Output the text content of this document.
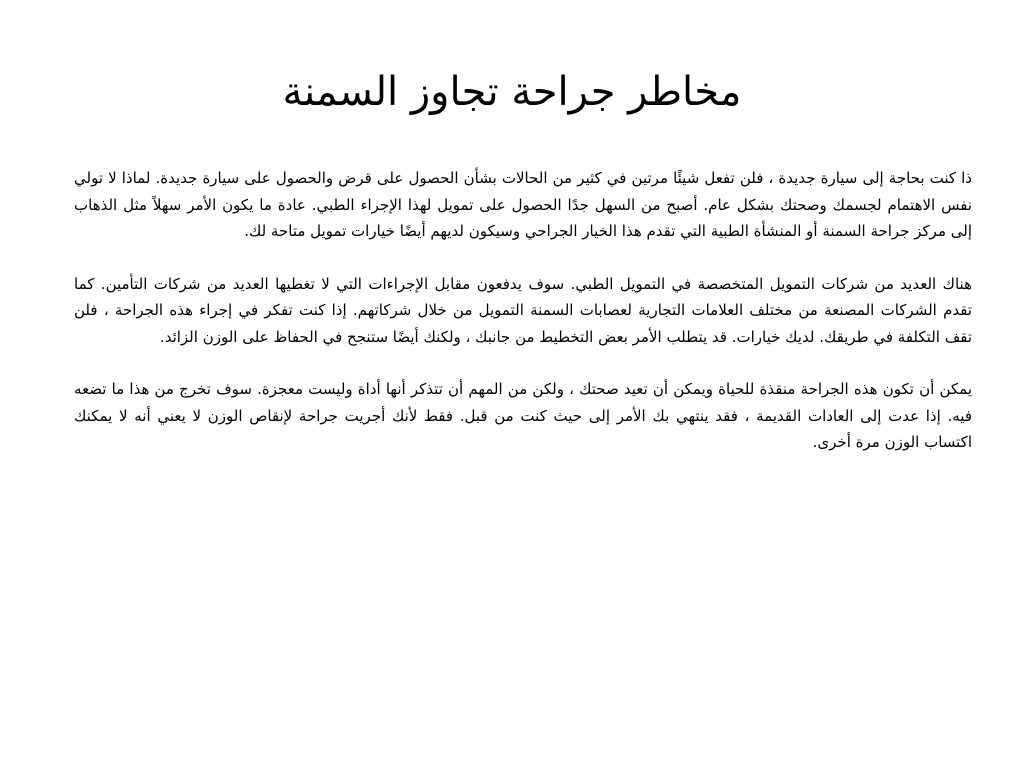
مخاطر جراحة تجاوز السمنة

ذا كنت بحاجة إلى سيارة جديدة ، فلن تفعل شيئًا مرتين في كثير من الحالات بشأن الحصول على قرض والحصول على سيارة جديدة. لماذا لا تولي نفس الاهتمام لجسمك وصحتك بشكل عام. أصبح من السهل جدًا الحصول على تمويل لهذا الإجراء الطبي. عادة ما يكون الأمر سهلاً مثل الذهاب إلى مركز جراحة السمنة أو المنشأة الطبية التي تقدم هذا الخيار الجراحي وسيكون لديهم أيضًا خيارات تمويل متاحة لك.

هناك العديد من شركات التمويل المتخصصة في التمويل الطبي. سوف يدفعون مقابل الإجراءات التي لا تغطيها العديد من شركات التأمين. كما تقدم الشركات المصنعة من مختلف العلامات التجارية لعصابات السمنة التمويل من خلال شركاتهم. إذا كنت تفكر في إجراء هذه الجراحة ، فلن تقف التكلفة في طريقك. لديك خيارات. قد يتطلب الأمر بعض التخطيط من جانبك ، ولكنك أيضًا ستنجح في الحفاظ على الوزن الزائد.

يمكن أن تكون هذه الجراحة منقذة للحياة ويمكن أن تعيد صحتك ، ولكن من المهم أن تتذكر أنها أداة وليست معجزة. سوف تخرج من هذا ما تضعه فيه. إذا عدت إلى العادات القديمة ، فقد ينتهي بك الأمر إلى حيث كنت من قبل. فقط لأنك أجريت جراحة لإنقاص الوزن لا يعني أنه لا يمكنك اكتساب الوزن مرة أخرى.
